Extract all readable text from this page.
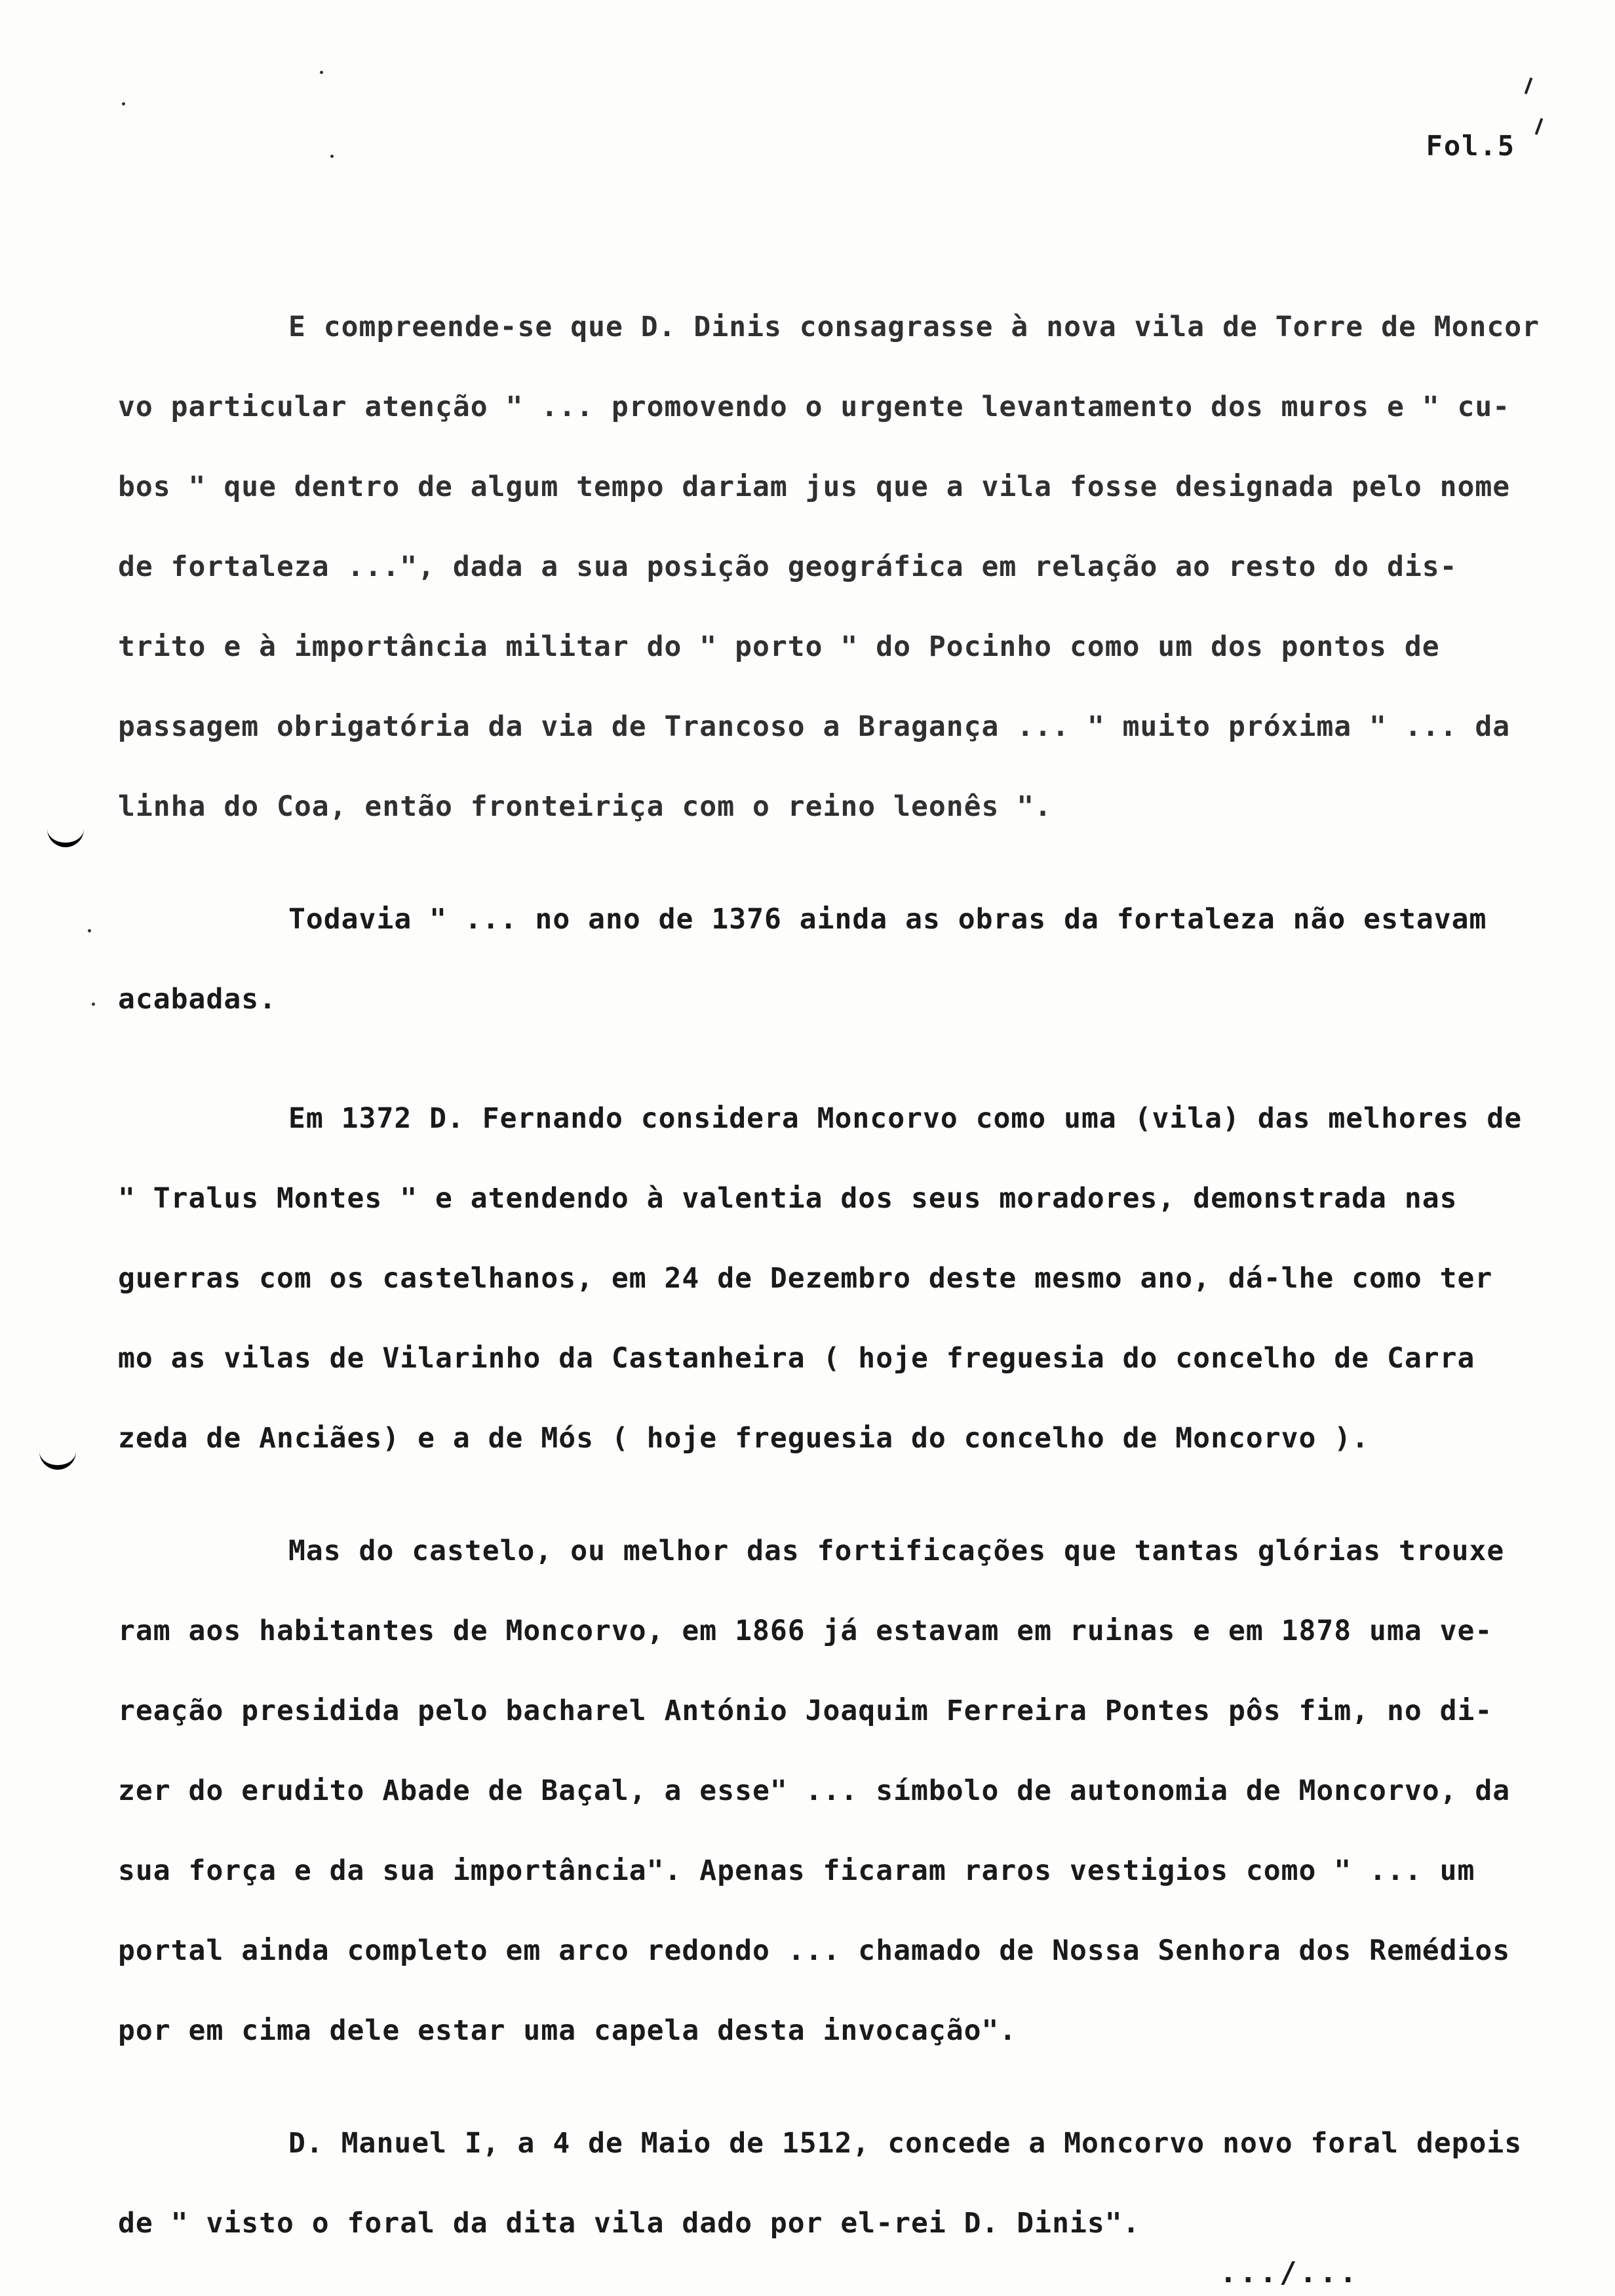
Fol.5
E compreende-se que D. Dinis consagrasse à nova vila de Torre de Moncor
vo particular atenção " ... promovendo o urgente levantamento dos muros e " cu-
bos " que dentro de algum tempo dariam jus que a vila fosse designada pelo nome
de fortaleza ...", dada a sua posição geográfica em relação ao resto do dis-
trito e à importância militar do " porto " do Pocinho como um dos pontos de
passagem obrigatória da via de Trancoso a Bragança ... " muito próxima " ... da
linha do Coa, então fronteiriça com o reino leonês ".
Todavia " ... no ano de 1376 ainda as obras da fortaleza não estavam
acabadas.
Em 1372 D. Fernando considera Moncorvo como uma (vila) das melhores de
" Tralus Montes " e atendendo à valentia dos seus moradores, demonstrada nas
guerras com os castelhanos, em 24 de Dezembro deste mesmo ano, dá-lhe como ter
mo as vilas de Vilarinho da Castanheira ( hoje freguesia do concelho de Carra
zeda de Anciães) e a de Mós ( hoje freguesia do concelho de Moncorvo ).
Mas do castelo, ou melhor das fortificações que tantas glórias trouxe
ram aos habitantes de Moncorvo, em 1866 já estavam em ruinas e em 1878 uma ve-
reação presidida pelo bacharel António Joaquim Ferreira Pontes pôs fim, no di-
zer do erudito Abade de Baçal, a esse" ... símbolo de autonomia de Moncorvo, da
sua força e da sua importância". Apenas ficaram raros vestigios como " ... um
portal ainda completo em arco redondo ... chamado de Nossa Senhora dos Remédios
por em cima dele estar uma capela desta invocação".
D. Manuel I, a 4 de Maio de 1512, concede a Moncorvo novo foral depois
de " visto o foral da dita vila dado por el-rei D. Dinis".
.../...
